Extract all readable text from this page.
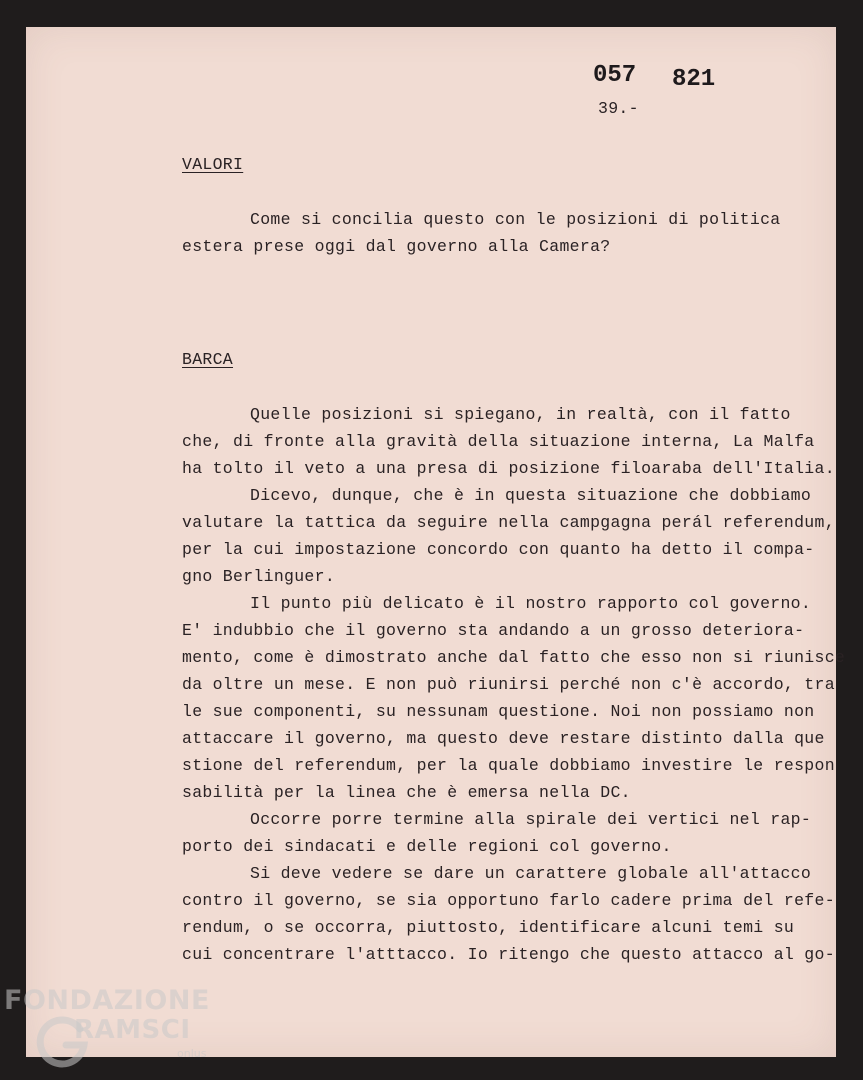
057 821
39.-
VALORI
Come si concilia questo con le posizioni di politica
estera prese oggi dal governo alla Camera?
BARCA
Quelle posizioni si spiegano, in realtà, con il fatto
che, di fronte alla gravità della situazione interna, La Malfa
ha tolto il veto a una presa di posizione filoaraba dell'Italia.
Dicevo, dunque, che è in questa situazione che dobbiamo
valutare la tattica da seguire nella campgagna perál referendum,
per la cui impostazione concordo con quanto ha detto il compa-
gno Berlinguer.
Il punto più delicato è il nostro rapporto col governo.
E' indubbio che il governo sta andando a un grosso deteriora-
mento, come è dimostrato anche dal fatto che esso non si riunisce
da oltre un mese. E non può riunirsi perché non c'è accordo, tra
le sue componenti, su nessunam questione. Noi non possiamo non
attaccare il governo, ma questo deve restare distinto dalla que
stione del referendum, per la quale dobbiamo investire le respon
sabilità per la linea che è emersa nella DC.
Occorre porre termine alla spirale dei vertici nel rap-
porto dei sindacati e delle regioni col governo.
Si deve vedere se dare un carattere globale all'attacco
contro il governo, se sia opportuno farlo cadere prima del refe-
rendum, o se occorra, piuttosto, identificare alcuni temi su
cui concentrare l'atttacco. Io ritengo che questo attacco al go-
FONDAZIONE
RAMSCI
onlus
